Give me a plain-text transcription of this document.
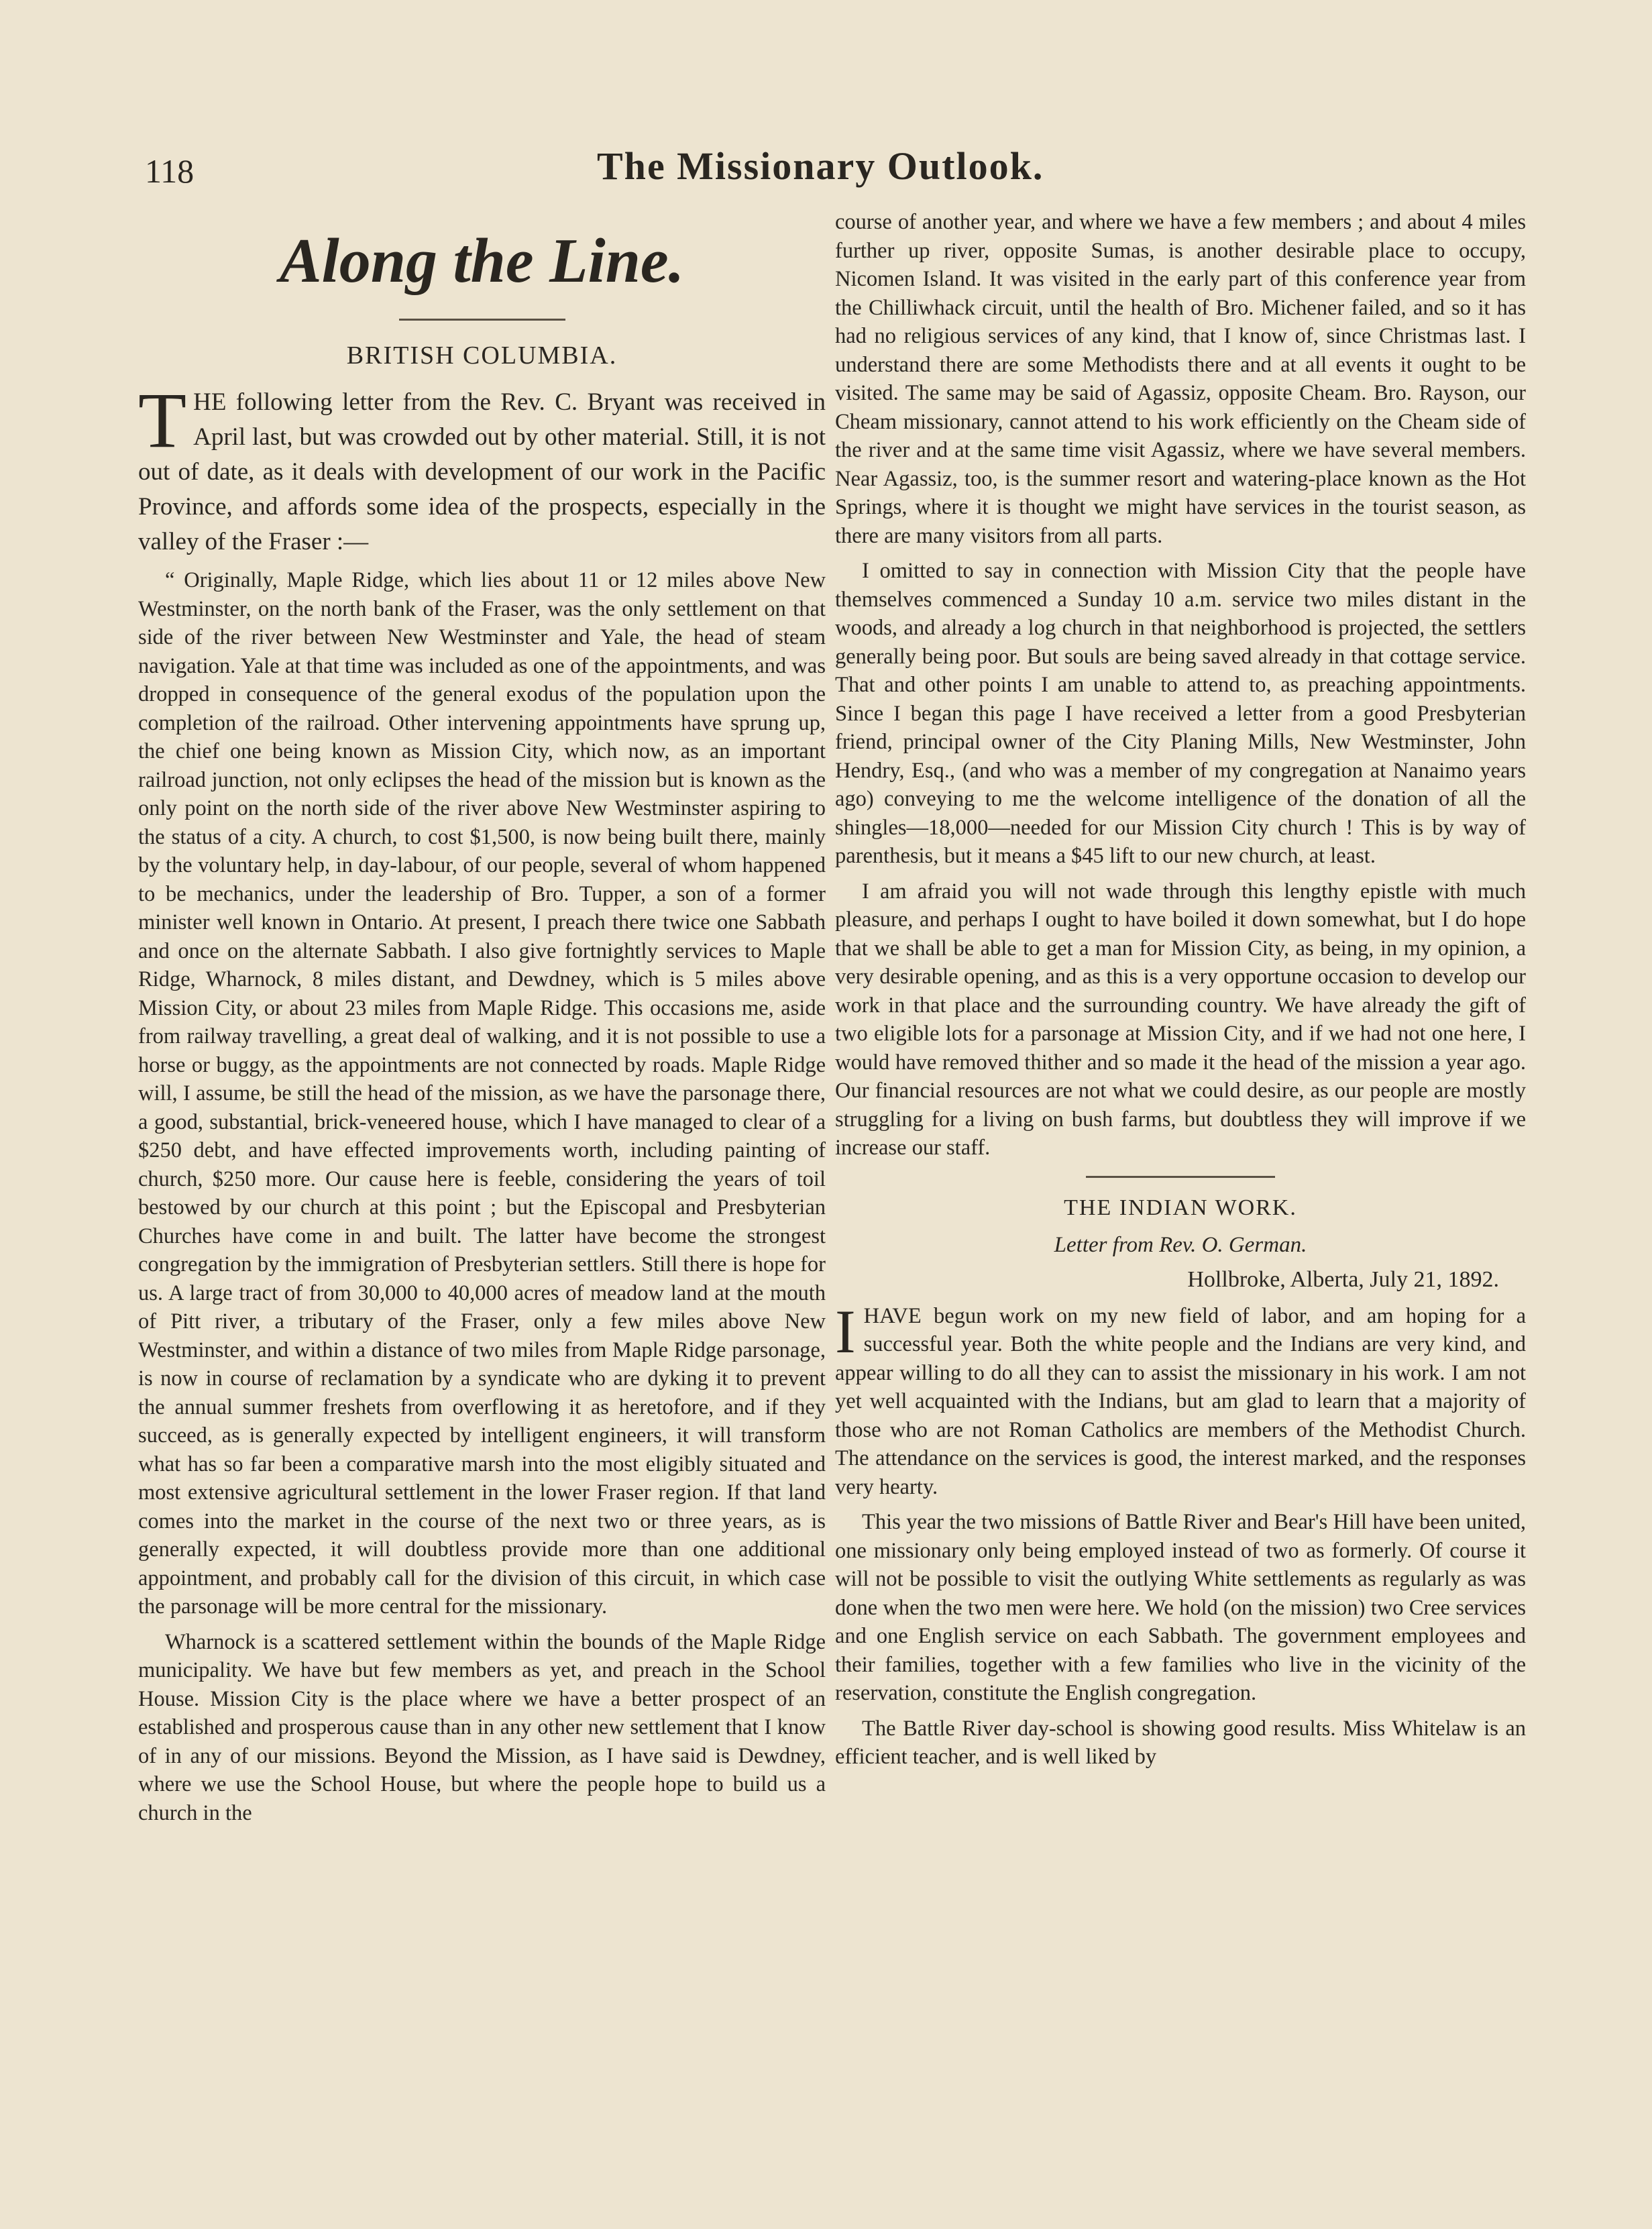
118	The Missionary Outlook.
Along the Line.
BRITISH COLUMBIA.

THE following letter from the Rev. C. Bryant was received in April last, but was crowded out by other material. Still, it is not out of date, as it deals with development of our work in the Pacific Province, and affords some idea of the prospects, especially in the valley of the Fraser :—

“ Originally, Maple Ridge, which lies about 11 or 12 miles above New Westminster, on the north bank of the Fraser, was the only settlement on that side of the river between New Westminster and Yale, the head of steam navigation. Yale at that time was included as one of the appointments, and was dropped in consequence of the general exodus of the population upon the completion of the railroad. Other intervening appointments have sprung up, the chief one being known as Mission City, which now, as an important railroad junction, not only eclipses the head of the mission but is known as the only point on the north side of the river above New Westminster aspiring to the status of a city. A church, to cost $1,500, is now being built there, mainly by the voluntary help, in day-labour, of our people, several of whom happened to be mechanics, under the leadership of Bro. Tupper, a son of a former minister well known in Ontario. At present, I preach there twice one Sabbath and once on the alternate Sabbath. I also give fortnightly services to Maple Ridge, Wharnock, 8 miles distant, and Dewdney, which is 5 miles above Mission City, or about 23 miles from Maple Ridge. This occasions me, aside from railway travelling, a great deal of walking, and it is not possible to use a horse or buggy, as the appointments are not connected by roads. Maple Ridge will, I assume, be still the head of the mission, as we have the parsonage there, a good, substantial, brick-veneered house, which I have managed to clear of a $250 debt, and have effected improvements worth, including painting of church, $250 more. Our cause here is feeble, considering the years of toil bestowed by our church at this point ; but the Episcopal and Presbyterian Churches have come in and built. The latter have become the strongest congregation by the immigration of Presbyterian settlers. Still there is hope for us. A large tract of from 30,000 to 40,000 acres of meadow land at the mouth of Pitt river, a tributary of the Fraser, only a few miles above New Westminster, and within a distance of two miles from Maple Ridge parsonage, is now in course of reclamation by a syndicate who are dyking it to prevent the annual summer freshets from overflowing it as heretofore, and if they succeed, as is generally expected by intelligent engineers, it will transform what has so far been a comparative marsh into the most eligibly situated and most extensive agricultural settlement in the lower Fraser region. If that land comes into the market in the course of the next two or three years, as is generally expected, it will doubtless provide more than one additional appointment, and probably call for the division of this circuit, in which case the parsonage will be more central for the missionary.

Wharnock is a scattered settlement within the bounds of the Maple Ridge municipality. We have but few members as yet, and preach in the School House. Mission City is the place where we have a better prospect of an established and prosperous cause than in any other new settlement that I know of in any of our missions. Beyond the Mission, as I have said is Dewdney, where we use the School House, but where the people hope to build us a church in the

course of another year, and where we have a few members ; and about 4 miles further up river, opposite Sumas, is another desirable place to occupy, Nicomen Island. It was visited in the early part of this conference year from the Chilliwhack circuit, until the health of Bro. Michener failed, and so it has had no religious services of any kind, that I know of, since Christmas last. I understand there are some Methodists there and at all events it ought to be visited. The same may be said of Agassiz, opposite Cheam. Bro. Rayson, our Cheam missionary, cannot attend to his work efficiently on the Cheam side of the river and at the same time visit Agassiz, where we have several members. Near Agassiz, too, is the summer resort and watering-place known as the Hot Springs, where it is thought we might have services in the tourist season, as there are many visitors from all parts.

I omitted to say in connection with Mission City that the people have themselves commenced a Sunday 10 a.m. service two miles distant in the woods, and already a log church in that neighborhood is projected, the settlers generally being poor. But souls are being saved already in that cottage service. That and other points I am unable to attend to, as preaching appointments. Since I began this page I have received a letter from a good Presbyterian friend, principal owner of the City Planing Mills, New Westminster, John Hendry, Esq., (and who was a member of my congregation at Nanaimo years ago) conveying to me the welcome intelligence of the donation of all the shingles—18,000—needed for our Mission City church ! This is by way of parenthesis, but it means a $45 lift to our new church, at least.

I am afraid you will not wade through this lengthy epistle with much pleasure, and perhaps I ought to have boiled it down somewhat, but I do hope that we shall be able to get a man for Mission City, as being, in my opinion, a very desirable opening, and as this is a very opportune occasion to develop our work in that place and the surrounding country. We have already the gift of two eligible lots for a parsonage at Mission City, and if we had not one here, I would have removed thither and so made it the head of the mission a year ago. Our financial resources are not what we could desire, as our people are mostly struggling for a living on bush farms, but doubtless they will improve if we increase our staff.

THE INDIAN WORK.
Letter from Rev. O. German.
Hollbroke, Alberta, July 21, 1892.

IHAVE begun work on my new field of labor, and am hoping for a successful year. Both the white people and the Indians are very kind, and appear willing to do all they can to assist the missionary in his work. I am not yet well acquainted with the Indians, but am glad to learn that a majority of those who are not Roman Catholics are members of the Methodist Church. The attendance on the services is good, the interest marked, and the responses very hearty.

This year the two missions of Battle River and Bear's Hill have been united, one missionary only being employed instead of two as formerly. Of course it will not be possible to visit the outlying White settlements as regularly as was done when the two men were here. We hold (on the mission) two Cree services and one English service on each Sabbath. The government employees and their families, together with a few families who live in the vicinity of the reservation, constitute the English congregation.

The Battle River day-school is showing good results. Miss Whitelaw is an efficient teacher, and is well liked by
